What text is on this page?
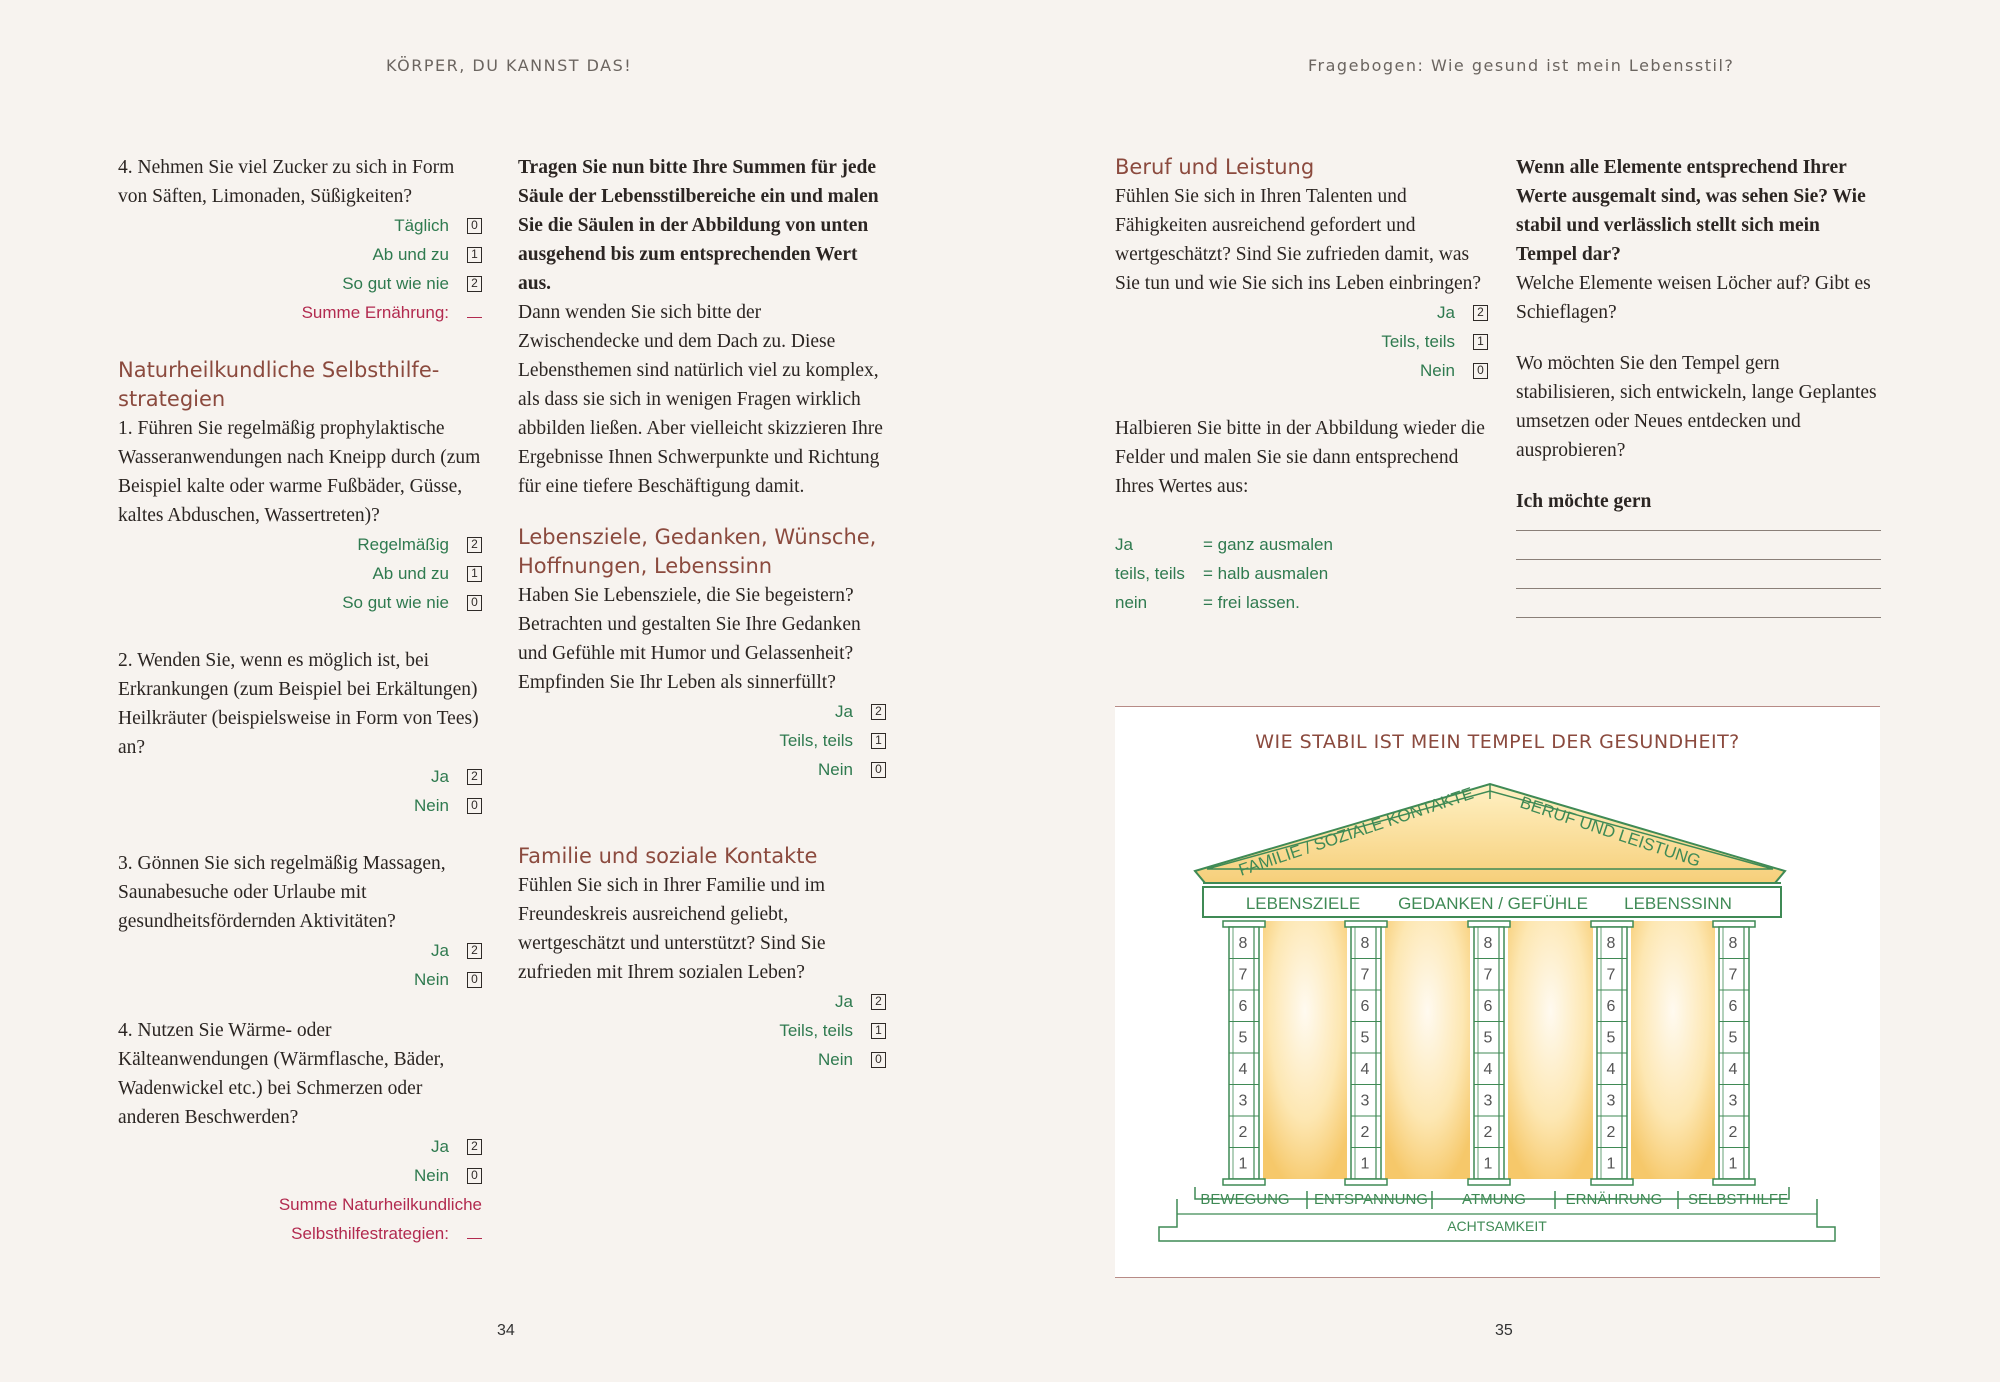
KÖRPER, DU KANNST DAS!	Fragebogen: Wie gesund ist mein Lebensstil?

4. Nehmen Sie viel Zucker zu sich in Form von Säften, Limonaden, Süßigkeiten?

Täglich	0
Ab und zu	1
So gut wie nie	2
Summe Ernährung:

Naturheilkundliche Selbsthilfe-strategien

1. Führen Sie regelmäßig prophylaktische Wasseranwendungen nach Kneipp durch (zum Beispiel kalte oder warme Fußbäder, Güsse, kaltes Abduschen, Wassertreten)?

Regelmäßig	2
Ab und zu	1
So gut wie nie	0

2. Wenden Sie, wenn es möglich ist, bei Erkrankungen (zum Beispiel bei Erkältungen) Heilkräuter (beispielsweise in Form von Tees) an?

Ja	2
Nein	0

3. Gönnen Sie sich regelmäßig Massagen, Saunabesuche oder Urlaube mit gesundheitsfördernden Aktivitäten?

Ja	2
Nein	0

4. Nutzen Sie Wärme- oder Kälteanwendungen (Wärmflasche, Bäder, Wadenwickel etc.) bei Schmerzen oder anderen Beschwerden?

Ja	2
Nein	0
Summe Naturheilkundliche
Selbsthilfestrategien:

Tragen Sie nun bitte Ihre Summen für jede Säule der Lebensstilbereiche ein und malen Sie die Säulen in der Abbildung von unten ausgehend bis zum entsprechenden Wert aus.

Dann wenden Sie sich bitte der Zwischendecke und dem Dach zu. Diese Lebensthemen sind natürlich viel zu komplex, als dass sie sich in wenigen Fragen wirklich abbilden ließen. Aber vielleicht skizzieren Ihre Ergebnisse Ihnen Schwerpunkte und Richtung für eine tiefere Beschäftigung damit.

Lebensziele, Gedanken, Wünsche, Hoffnungen, Lebenssinn

Haben Sie Lebensziele, die Sie begeistern? Betrachten und gestalten Sie Ihre Gedanken und Gefühle mit Humor und Gelassenheit? Empfinden Sie Ihr Leben als sinnerfüllt?

Ja	2
Teils, teils	1
Nein	0

Familie und soziale Kontakte

Fühlen Sie sich in Ihrer Familie und im Freundeskreis ausreichend geliebt, wertgeschätzt und unterstützt? Sind Sie zufrieden mit Ihrem sozialen Leben?

Ja	2
Teils, teils	1
Nein	0

Beruf und Leistung

Fühlen Sie sich in Ihren Talenten und Fähigkeiten ausreichend gefordert und wertgeschätzt? Sind Sie zufrieden damit, was Sie tun und wie Sie sich ins Leben einbringen?

Ja	2
Teils, teils	1
Nein	0

Halbieren Sie bitte in der Abbildung wieder die Felder und malen Sie sie dann entsprechend Ihres Wertes aus:

Ja	= ganz ausmalen
teils, teils	= halb ausmalen
nein	= frei lassen.

Wenn alle Elemente entsprechend Ihrer Werte ausgemalt sind, was sehen Sie? Wie stabil und verlässlich stellt sich mein Tempel dar?

Welche Elemente weisen Löcher auf? Gibt es Schieflagen?

Wo möchten Sie den Tempel gern stabilisieren, sich entwickeln, lange Geplantes umsetzen oder Neues entdecken und ausprobieren?

Ich möchte gern

WIE STABIL IST MEIN TEMPEL DER GESUNDHEIT?
FAMILIE / SOZIALE KONTAKTE BERUF UND LEISTUNG
LEBENSZIELE GEDANKEN / GEFÜHLE LEBENSSINN
8
7
6
5
4
3
2
1
8
7
6
5
4
3
2
1
8
7
6
5
4
3
2
1
8
7
6
5
4
3
2
1
8
7
6
5
4
3
2
1
BEWEGUNG ENTSPANNUNG ATMUNG	ERNÄHRUNG SELBSTHILFE
ACHTSAMKEIT
34	35
